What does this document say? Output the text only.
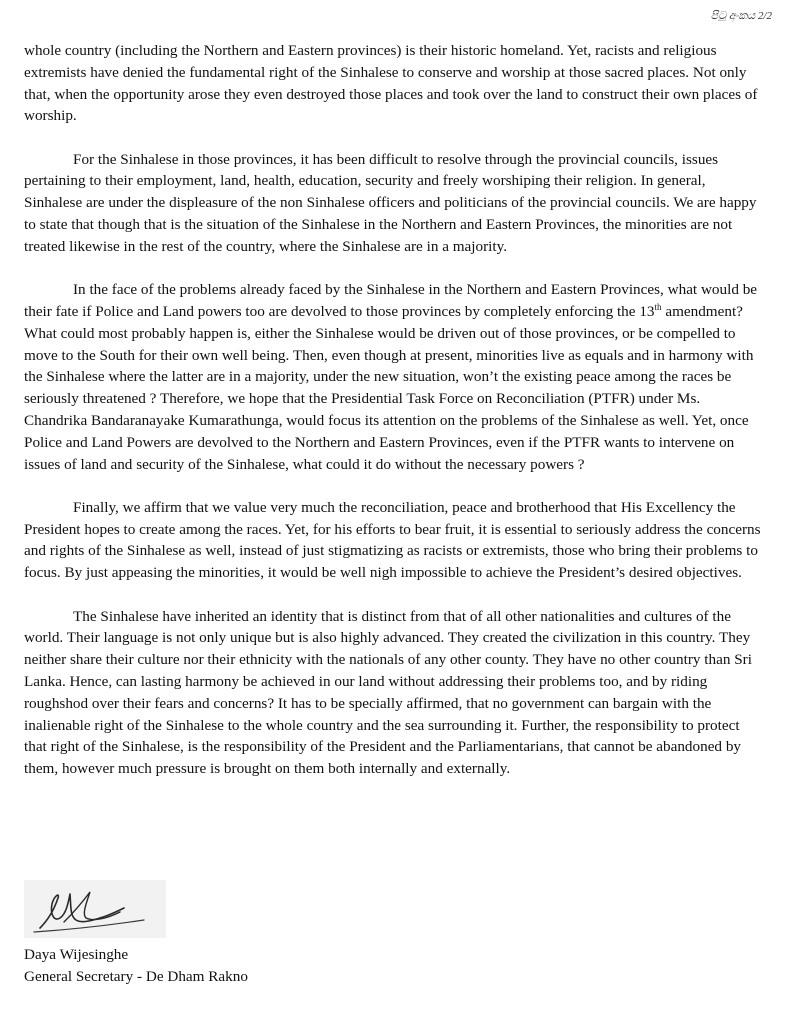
පිටු අංකය 2/2

whole country (including the Northern and Eastern provinces) is their historic homeland. Yet, racists and religious extremists have denied the fundamental right of the Sinhalese to conserve and worship at those sacred places. Not only that, when the opportunity arose they even destroyed those places and took over the land to construct their own places of worship.

For the Sinhalese in those provinces, it has been difficult to resolve through the provincial councils, issues pertaining to their employment, land, health, education, security and freely worshiping their religion. In general, Sinhalese are under the displeasure of the non Sinhalese officers and politicians of the provincial councils. We are happy to state that though that is the situation of the Sinhalese in the Northern and Eastern Provinces, the minorities are not treated likewise in the rest of the country, where the Sinhalese are in a majority.

In the face of the problems already faced by the Sinhalese in the Northern and Eastern Provinces, what would be their fate if Police and Land powers too are devolved to those provinces by completely enforcing the 13th amendment? What could most probably happen is, either the Sinhalese would be driven out of those provinces, or be compelled to move to the South for their own well being. Then, even though at present, minorities live as equals and in harmony with the Sinhalese where the latter are in a majority, under the new situation, won’t the existing peace among the races be seriously threatened ? Therefore, we hope that the Presidential Task Force on Reconciliation (PTFR) under Ms. Chandrika Bandaranayake Kumarathunga, would focus its attention on the problems of the Sinhalese as well. Yet, once Police and Land Powers are devolved to the Northern and Eastern Provinces, even if the PTFR wants to intervene on issues of land and security of the Sinhalese, what could it do without the necessary powers ?

Finally, we affirm that we value very much the reconciliation, peace and brotherhood that His Excellency the President hopes to create among the races. Yet, for his efforts to bear fruit, it is essential to seriously address the concerns and rights of the Sinhalese as well, instead of just stigmatizing as racists or extremists, those who bring their problems to focus. By just appeasing the minorities, it would be well nigh impossible to achieve the President’s desired objectives.

The Sinhalese have inherited an identity that is distinct from that of all other nationalities and cultures of the world. Their language is not only unique but is also highly advanced. They created the civilization in this country. They neither share their culture nor their ethnicity with the nationals of any other county. They have no other country than Sri Lanka. Hence, can lasting harmony be achieved in our land without addressing their problems too, and by riding roughshod over their fears and concerns? It has to be specially affirmed, that no government can bargain with the inalienable right of the Sinhalese to the whole country and the sea surrounding it. Further, the responsibility to protect that right of the Sinhalese, is the responsibility of the President and the Parliamentarians, that cannot be abandoned by them, however much pressure is brought on them both internally and externally.

Daya Wijesinghe
General Secretary - De Dham Rakno
